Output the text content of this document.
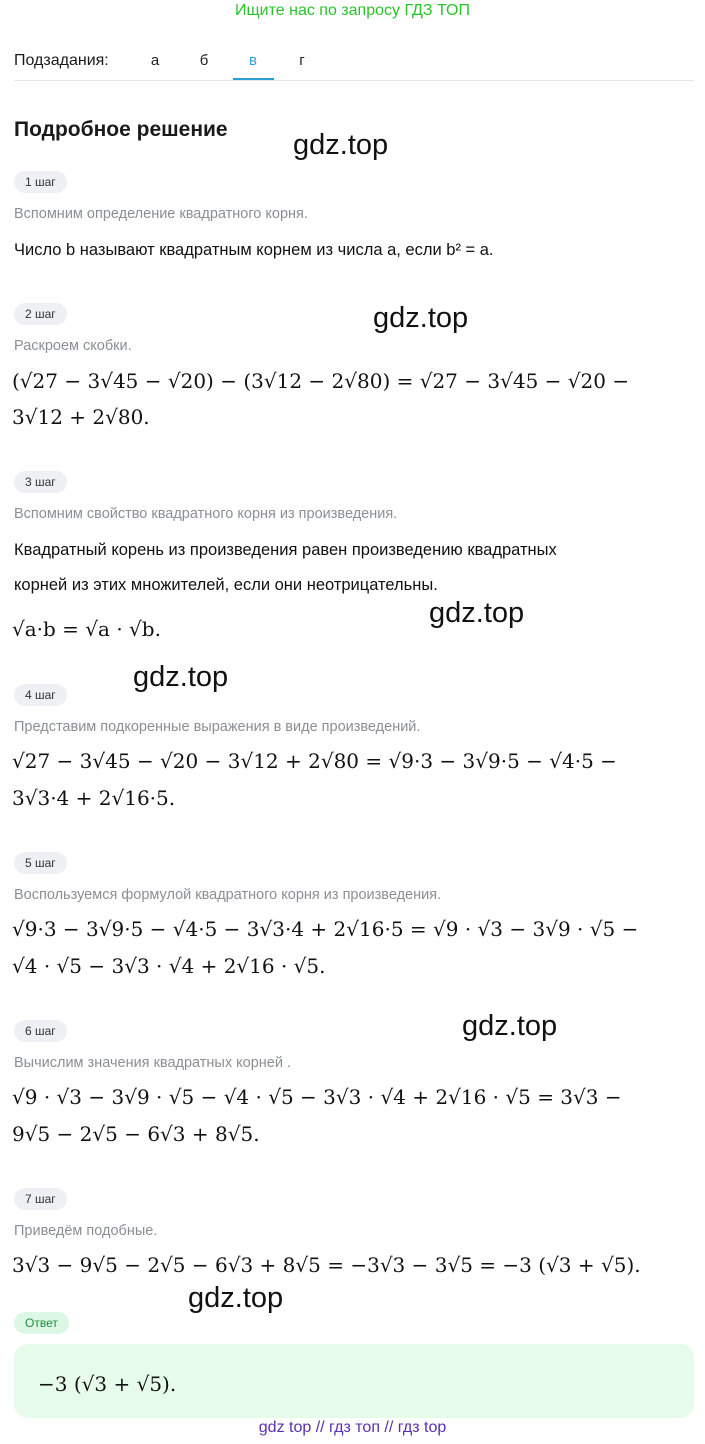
Ищите нас по запросу ГДЗ ТОП
Подзадания:	а	б	в	г
Подробное решение gdz.top
gdz.top
gdz.top
gdz.top
gdz.top
gdz.top
1 шаг
Вспомним определение квадратного корня.
Число b называют квадратным корнем из числа a, если b² = a.
2 шаг
Раскроем скобки.
(√27 − 3√45 − √20) − (3√12 − 2√80) = √27 − 3√45 − √20 −
3√12 + 2√80.
3 шаг
Вспомним свойство квадратного корня из произведения.
Квадратный корень из произведения равен произведению квадратных
корней из этих множителей, если они неотрицательны.
√a·b = √a · √b.
4 шаг
Представим подкоренные выражения в виде произведений.
√27 − 3√45 − √20 − 3√12 + 2√80 = √9·3 − 3√9·5 − √4·5 −
3√3·4 + 2√16·5.
5 шаг
Воспользуемся формулой квадратного корня из произведения.
√9·3 − 3√9·5 − √4·5 − 3√3·4 + 2√16·5 = √9 · √3 − 3√9 · √5 −
√4 · √5 − 3√3 · √4 + 2√16 · √5.
6 шаг
Вычислим значения квадратных корней .
√9 · √3 − 3√9 · √5 − √4 · √5 − 3√3 · √4 + 2√16 · √5 = 3√3 −
9√5 − 2√5 − 6√3 + 8√5.
7 шаг
Приведём подобные.
3√3 − 9√5 − 2√5 − 6√3 + 8√5 = −3√3 − 3√5 = −3 (√3 + √5).
Ответ
−3 (√3 + √5).
gdz top // гдз топ // гдз top
